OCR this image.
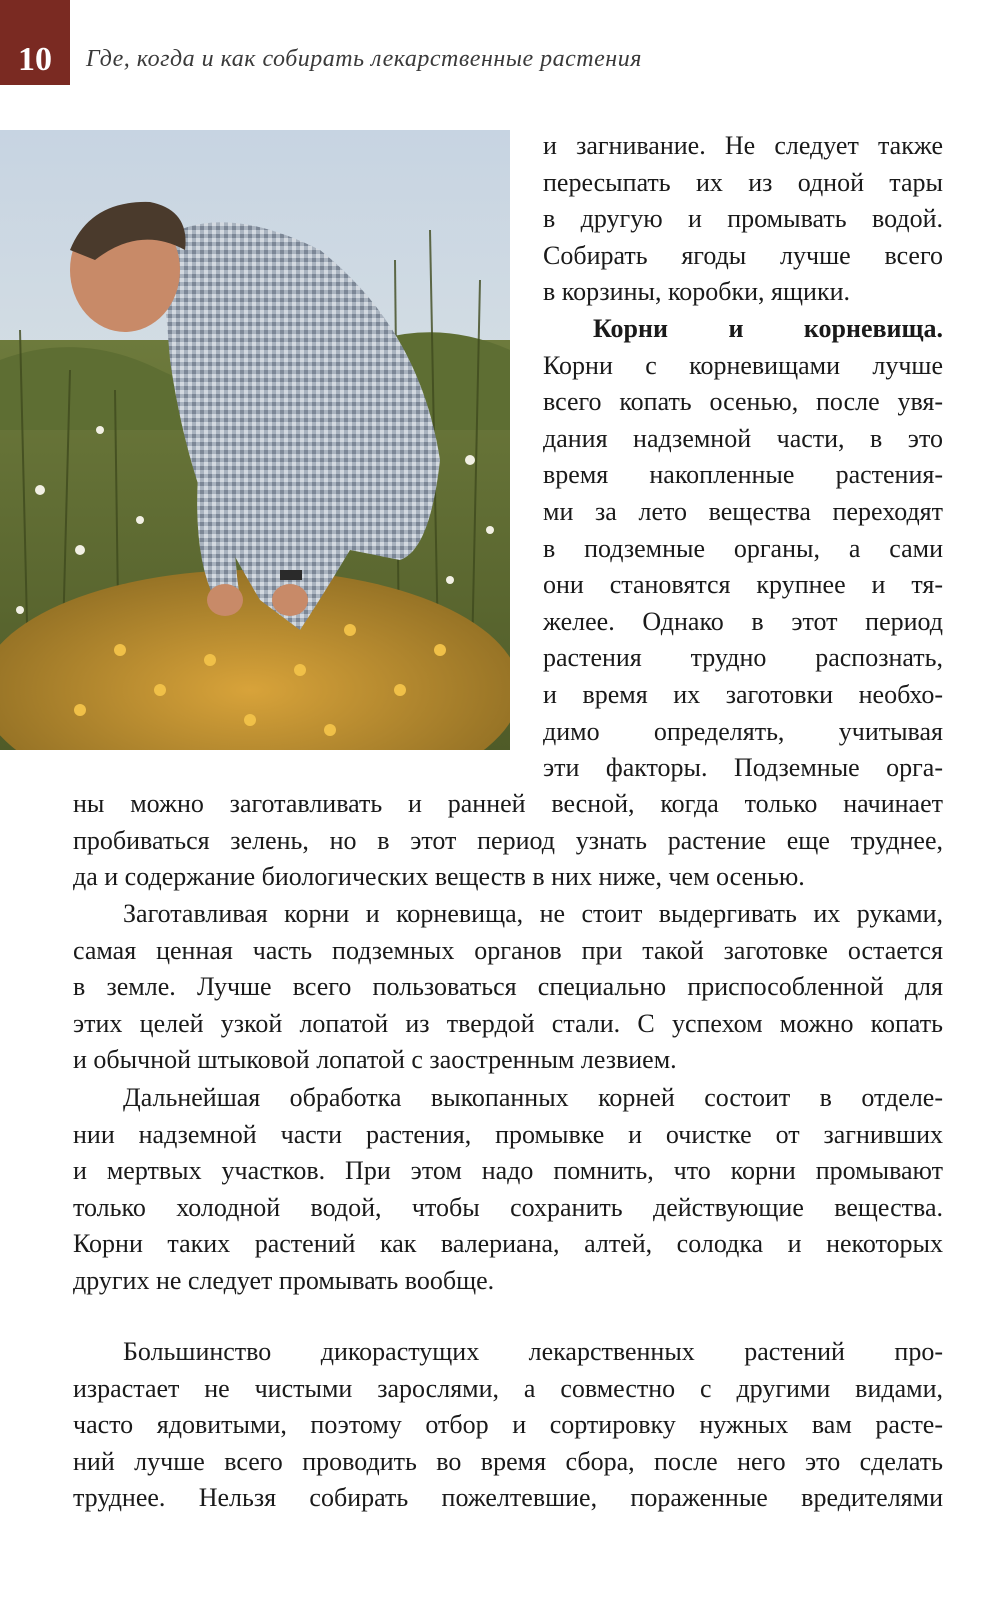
10 Где, когда и как собирать лекарственные растения
и загнивание. Не следует также
пересыпать их из одной тары
в другую и промывать водой.
Собирать ягоды лучше всего
в корзины, коробки, ящики.
Корни и корневища.
Корни с корневищами лучше
всего копать осенью, после увя-
дания надземной части, в это
время накопленные растения-
ми за лето вещества переходят
в подземные органы, а сами
они становятся крупнее и тя-
желее. Однако в этот период
растения трудно распознать,
и время их заготовки необхо-
димо определять, учитывая
эти факторы. Подземные орга-
ны можно заготавливать и ранней весной, когда только начинает
пробиваться зелень, но в этот период узнать растение еще труднее,
да и содержание биологических веществ в них ниже, чем осенью.
Заготавливая корни и корневища, не стоит выдергивать их руками,
самая ценная часть подземных органов при такой заготовке остается
в земле. Лучше всего пользоваться специально приспособленной для
этих целей узкой лопатой из твердой стали. С успехом можно копать
и обычной штыковой лопатой с заостренным лезвием.
Дальнейшая обработка выкопанных корней состоит в отделе-
нии надземной части растения, промывке и очистке от загнивших
и мертвых участков. При этом надо помнить, что корни промывают
только холодной водой, чтобы сохранить действующие вещества.
Корни таких растений как валериана, алтей, солодка и некоторых
других не следует промывать вообще.
Большинство дикорастущих лекарственных растений про-
израстает не чистыми зарослями, а совместно с другими видами,
часто ядовитыми, поэтому отбор и сортировку нужных вам расте-
ний лучше всего проводить во время сбора, после него это сделать
труднее. Нельзя собирать пожелтевшие, пораженные вредителями
